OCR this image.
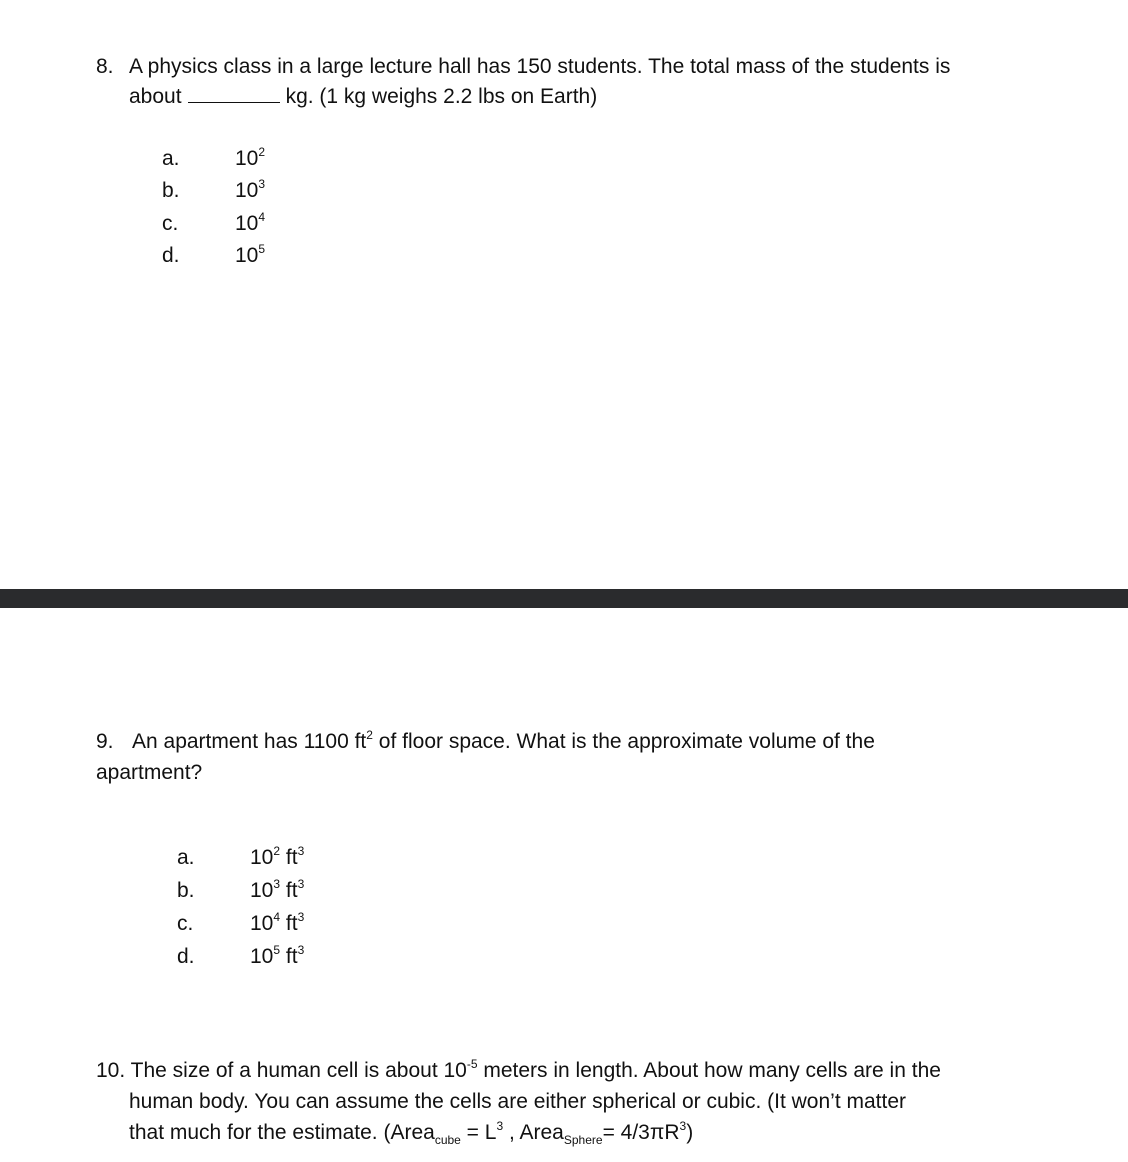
8. A physics class in a large lecture hall has 150 students. The total mass of the students is
about	kg. (1 kg weighs 2.2 lbs on Earth)
a.	$10^2$
b.	$10^3$
c.	$10^4$
d.	$10^5$
9. An apartment has 1100 $ft^2$ of floor space. What is the approximate volume of the
apartment?
a.	$10^2$ $ft^3$
b.	$10^3$ $ft^3$
c.	$10^4$ $ft^3$
d.	$10^5$ $ft^3$
10. The size of a human cell is about $10^{-5}$ meters in length. About how many cells are in the
human body. You can assume the cells are either spherical or cubic. (It won’t matter
that much for the estimate. (Area$_{cube}$ = $L^3$ , Area$_{Sphere}$= $4/3\pi R^3$)
